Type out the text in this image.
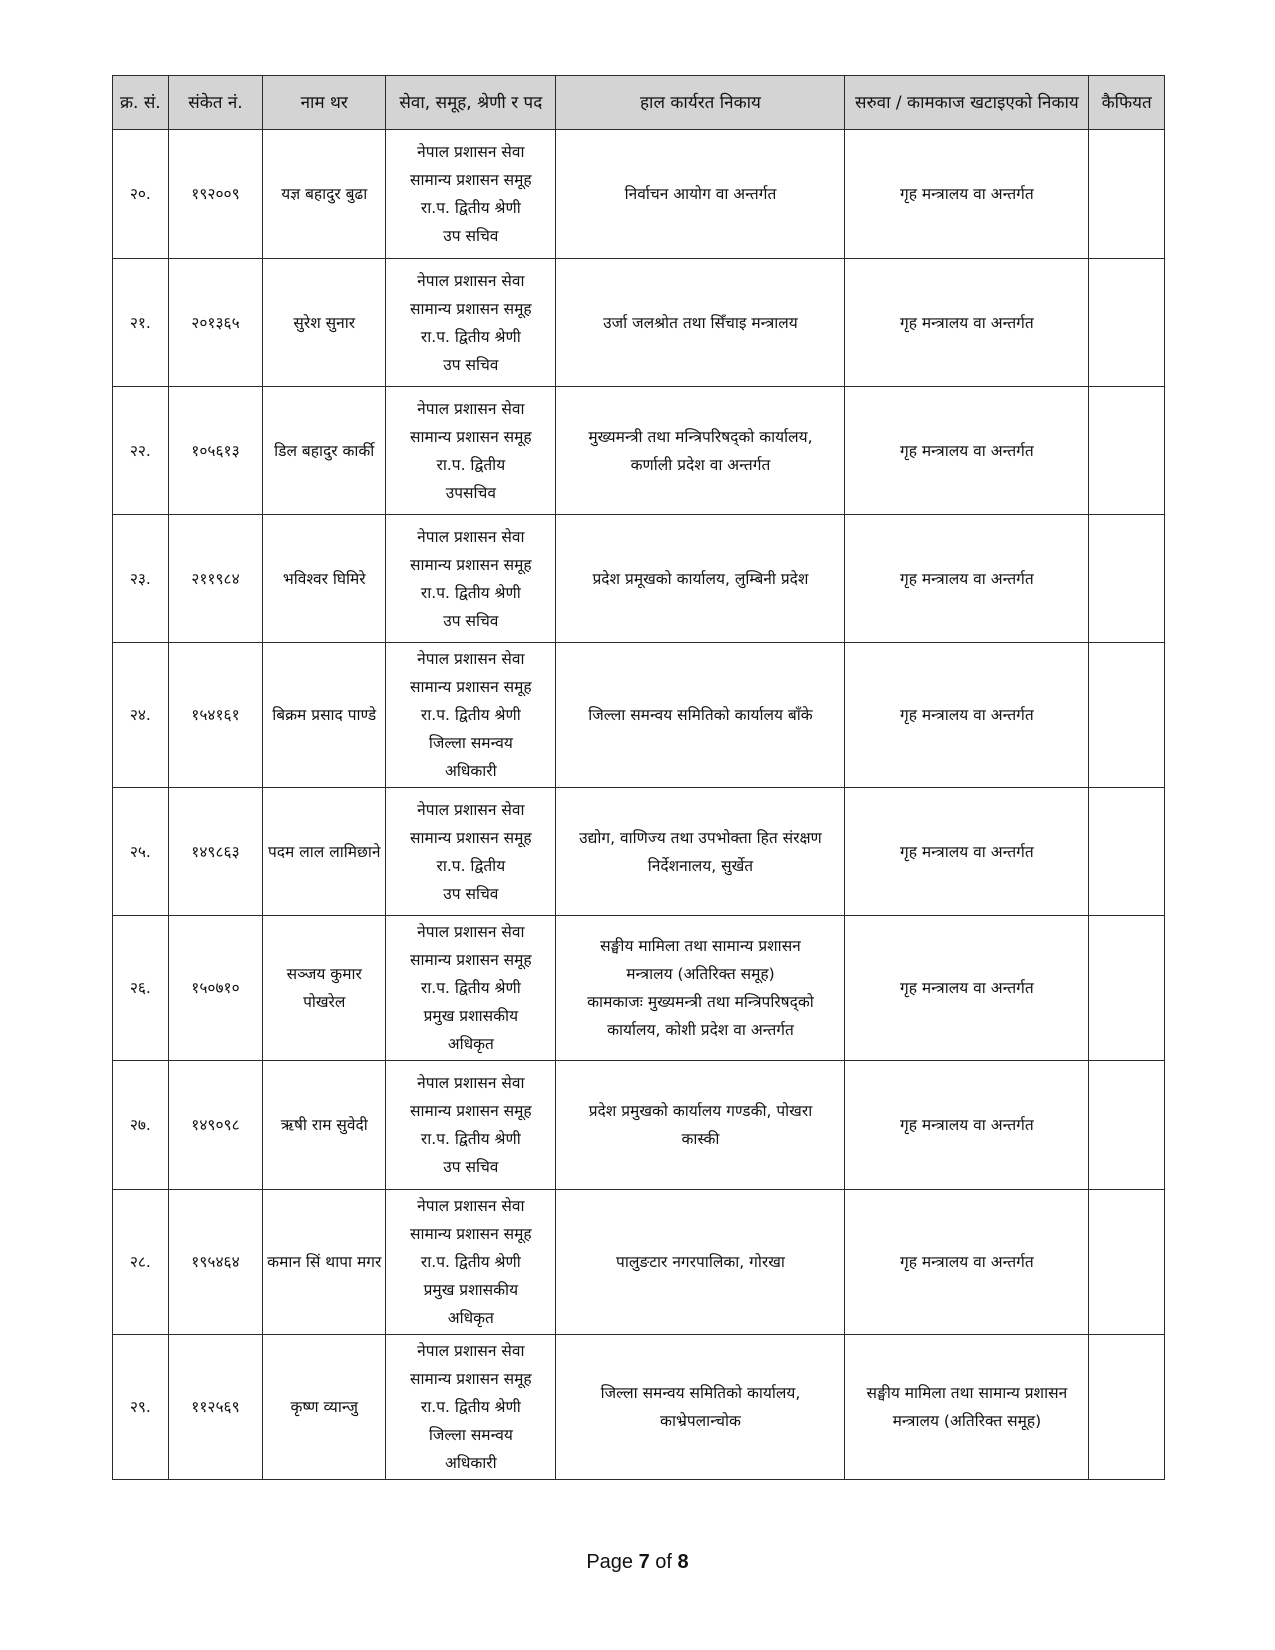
क्र. सं.	संकेत नं.	नाम थर	सेवा, समूह, श्रेणी र पद	हाल कार्यरत निकाय	सरुवा / कामकाज खटाइएको निकाय	कैफियत
२०.	१९२००९	यज्ञ बहादुर बुढा	नेपाल प्रशासन सेवा
सामान्य प्रशासन समूह
रा.प. द्वितीय श्रेणी
उप सचिव	निर्वाचन आयोग वा अन्तर्गत	गृह मन्त्रालय वा अन्तर्गत	

२१.	२०१३६५	सुरेश सुनार	नेपाल प्रशासन सेवा
सामान्य प्रशासन समूह
रा.प. द्वितीय श्रेणी
उप सचिव	उर्जा जलश्रोत तथा सिँचाइ मन्त्रालय	गृह मन्त्रालय वा अन्तर्गत	

२२.	१०५६१३	डिल बहादुर कार्की	नेपाल प्रशासन सेवा
सामान्य प्रशासन समूह
रा.प. द्वितीय
उपसचिव	मुख्यमन्त्री तथा मन्त्रिपरिषद्को कार्यालय,
कर्णाली प्रदेश वा अन्तर्गत	गृह मन्त्रालय वा अन्तर्गत	

२३.	२११९८४	भविश्वर घिमिरे	नेपाल प्रशासन सेवा
सामान्य प्रशासन समूह
रा.प. द्वितीय श्रेणी
उप सचिव	प्रदेश प्रमूखको कार्यालय, लुम्बिनी प्रदेश	गृह मन्त्रालय वा अन्तर्गत	

२४.	१५४१६१	बिक्रम प्रसाद पाण्डे	नेपाल प्रशासन सेवा
सामान्य प्रशासन समूह
रा.प. द्वितीय श्रेणी
जिल्ला समन्वय
अधिकारी	जिल्ला समन्वय समितिको कार्यालय बाँके	गृह मन्त्रालय वा अन्तर्गत	

२५.	१४९८६३	पदम लाल लामिछाने	नेपाल प्रशासन सेवा
सामान्य प्रशासन समूह
रा.प. द्वितीय
उप सचिव	उद्योग, वाणिज्य तथा उपभोक्ता हित संरक्षण
निर्देशनालय, सुर्खेत	गृह मन्त्रालय वा अन्तर्गत	

२६.	१५०७१०	सञ्जय कुमार पोखरेल	नेपाल प्रशासन सेवा
सामान्य प्रशासन समूह
रा.प. द्वितीय श्रेणी
प्रमुख प्रशासकीय
अधिकृत	सङ्घीय मामिला तथा सामान्य प्रशासन
मन्त्रालय (अतिरिक्त समूह)
कामकाजः मुख्यमन्त्री तथा मन्त्रिपरिषद्को
कार्यालय, कोशी प्रदेश वा अन्तर्गत	गृह मन्त्रालय वा अन्तर्गत	

२७.	१४९०९८	ऋषी राम सुवेदी	नेपाल प्रशासन सेवा
सामान्य प्रशासन समूह
रा.प. द्वितीय श्रेणी
उप सचिव	प्रदेश प्रमुखको कार्यालय गण्डकी, पोखरा
कास्की	गृह मन्त्रालय वा अन्तर्गत	

२८.	१९५४६४	कमान सिं थापा मगर	नेपाल प्रशासन सेवा
सामान्य प्रशासन समूह
रा.प. द्वितीय श्रेणी
प्रमुख प्रशासकीय
अधिकृत	पालुङटार नगरपालिका, गोरखा	गृह मन्त्रालय वा अन्तर्गत	

२९.	११२५६९	कृष्ण व्यान्जु	नेपाल प्रशासन सेवा
सामान्य प्रशासन समूह
रा.प. द्वितीय श्रेणी
जिल्ला समन्वय
अधिकारी	जिल्ला समन्वय समितिको कार्यालय,
काभ्रेपलान्चोक	सङ्घीय मामिला तथा सामान्य प्रशासन
मन्त्रालय (अतिरिक्त समूह)	

Page 7 of 8
